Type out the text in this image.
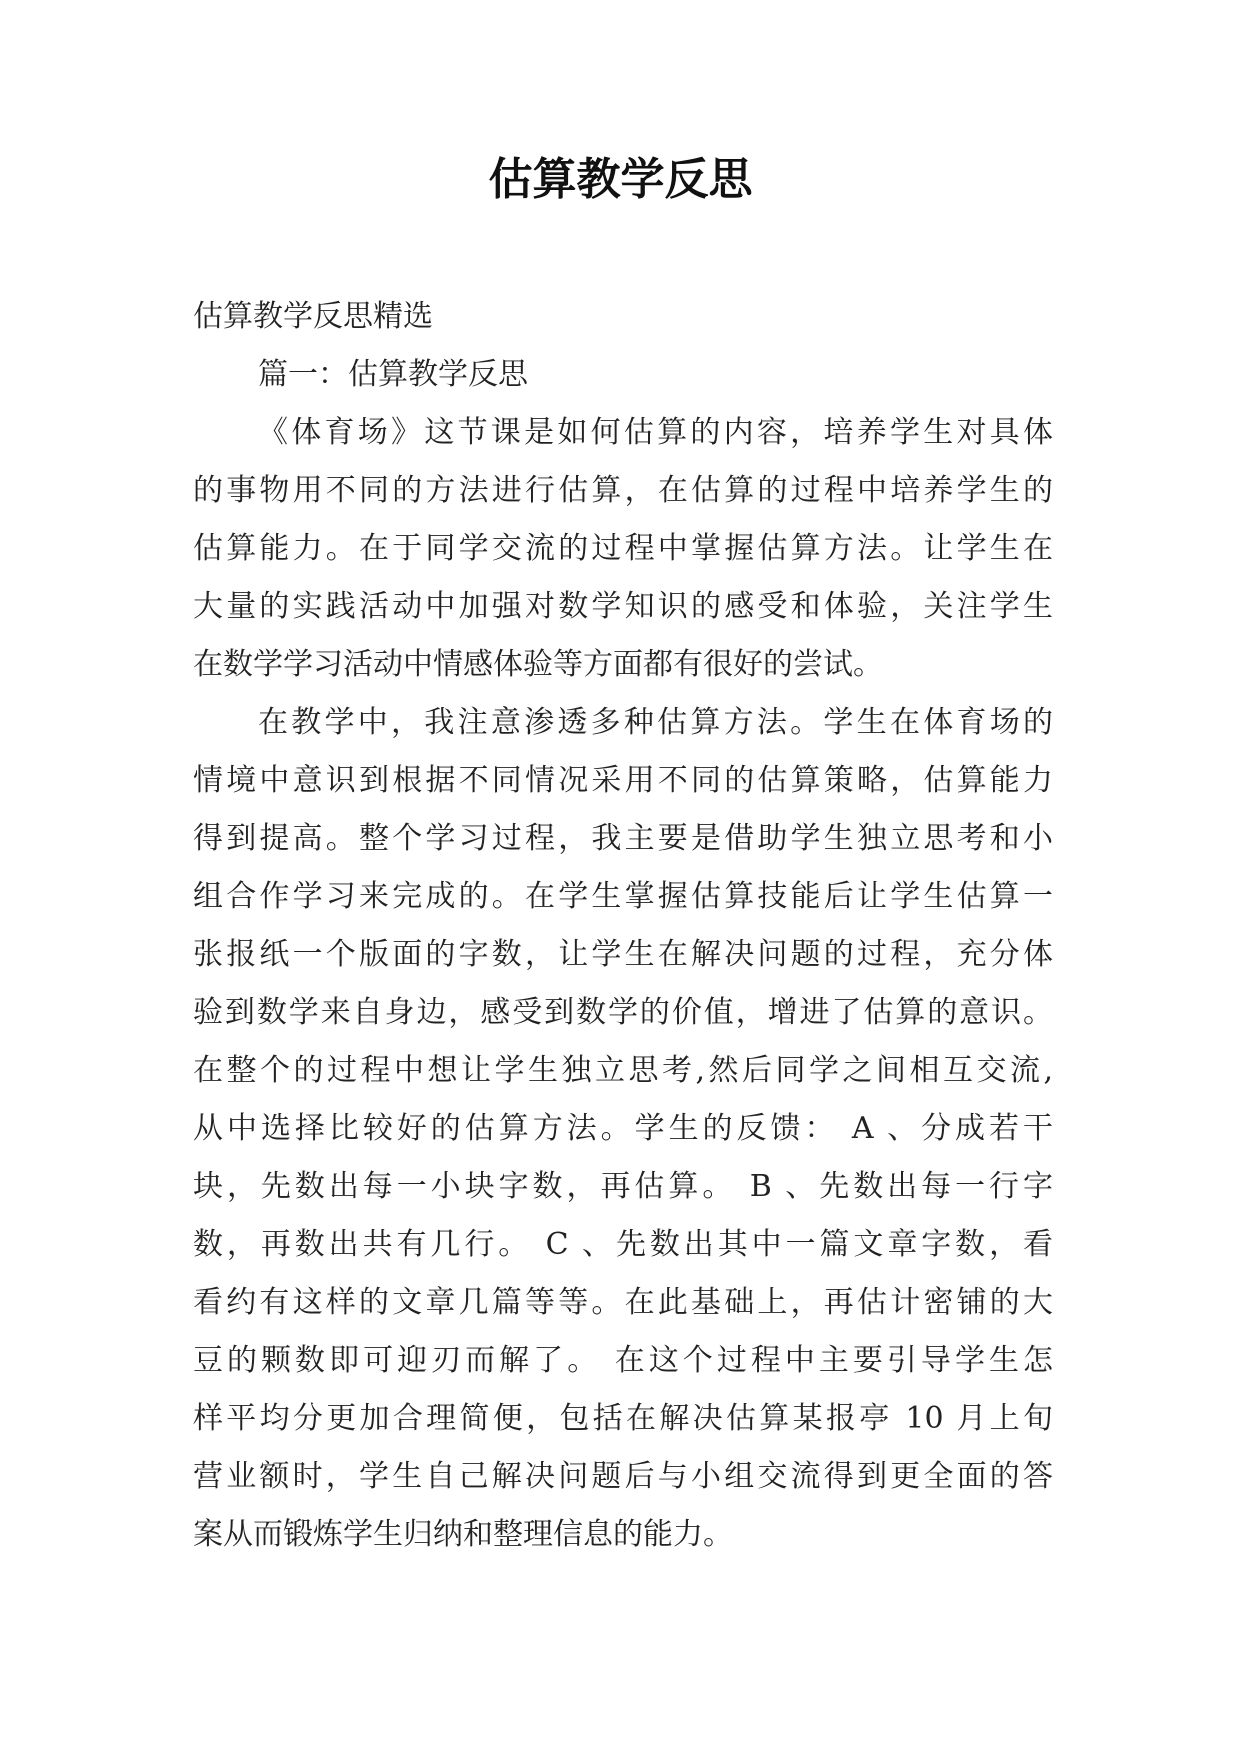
估算教学反思
估算教学反思精选
篇一：估算教学反思
《体育场》这节课是如何估算的内容，培养学生对具体
的事物用不同的方法进行估算，在估算的过程中培养学生的
估算能力。在于同学交流的过程中掌握估算方法。让学生在
大量的实践活动中加强对数学知识的感受和体验，关注学生
在数学学习活动中情感体验等方面都有很好的尝试。
在教学中，我注意渗透多种估算方法。学生在体育场的
情境中意识到根据不同情况采用不同的估算策略，估算能力
得到提高。整个学习过程，我主要是借助学生独立思考和小
组合作学习来完成的。在学生掌握估算技能后让学生估算一
张报纸一个版面的字数，让学生在解决问题的过程，充分体
验到数学来自身边，感受到数学的价值，增进了估算的意识。
在整个的过程中想让学生独立思考,然后同学之间相互交流,
从中选择比较好的估算方法。学生的反馈： A 、分成若干
块，先数出每一小块字数，再估算。 B 、先数出每一行字
数，再数出共有几行。 C 、先数出其中一篇文章字数，看
看约有这样的文章几篇等等。在此基础上，再估计密铺的大
豆的颗数即可迎刃而解了。 在这个过程中主要引导学生怎
样平均分更加合理简便，包括在解决估算某报亭 10 月上旬
营业额时，学生自己解决问题后与小组交流得到更全面的答
案从而锻炼学生归纳和整理信息的能力。
